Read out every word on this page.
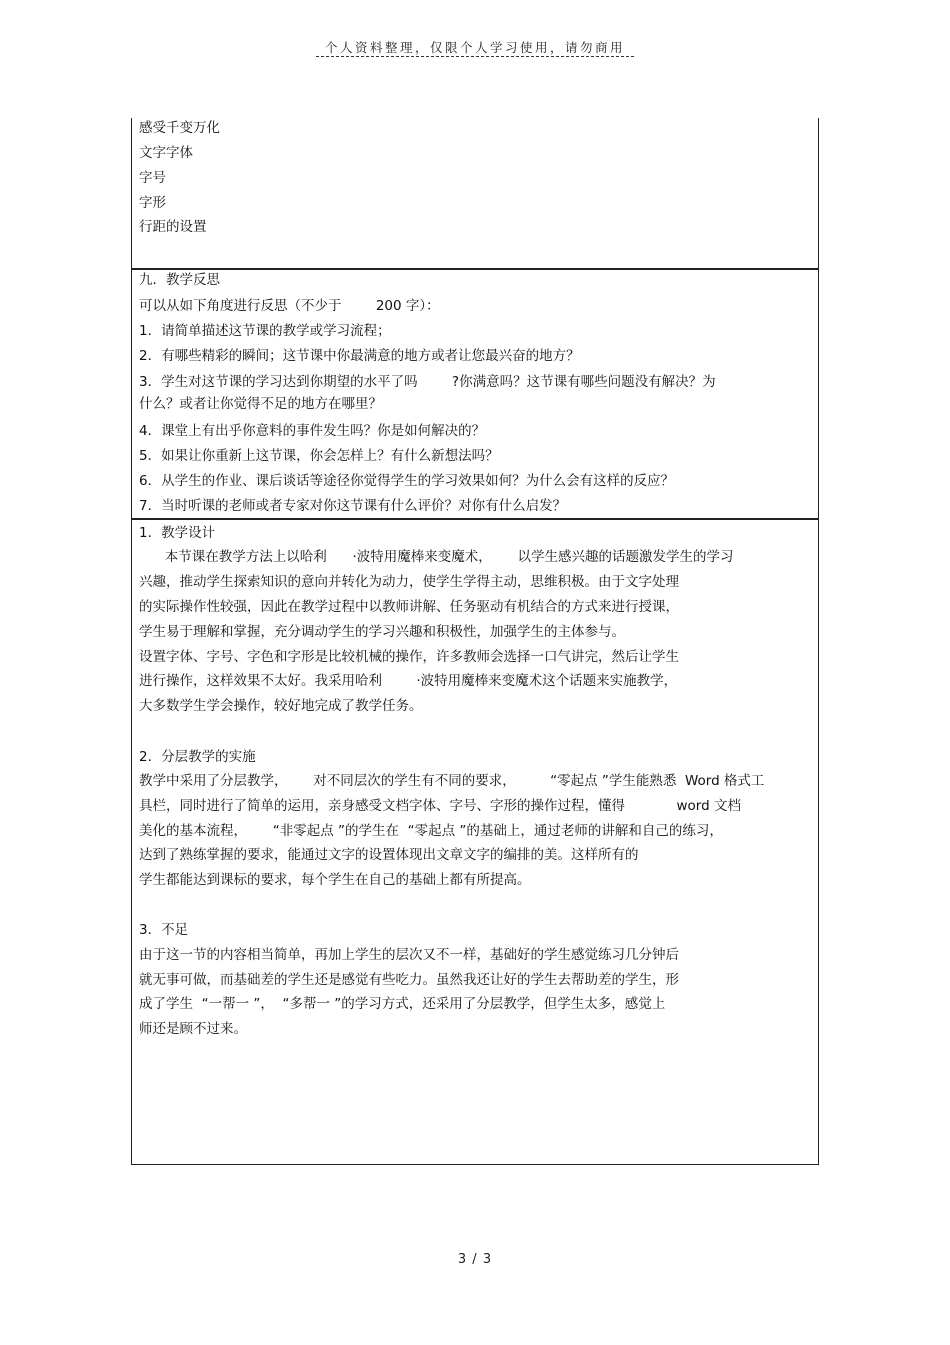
个人资料整理，仅限个人学习使用，请勿商用
感受千变万化
文字字体
字号
字形
行距的设置
九．教学反思
可以从如下角度进行反思（不少于        200 字）：
1．请简单描述这节课的教学或学习流程；
2．有哪些精彩的瞬间；这节课中你最满意的地方或者让您最兴奋的地方？
3．学生对这节课的学习达到你期望的水平了吗        ?你满意吗？这节课有哪些问题没有解决？为
什么？或者让你觉得不足的地方在哪里？
4．课堂上有出乎你意料的事件发生吗？你是如何解决的？
5．如果让你重新上这节课，你会怎样上？有什么新想法吗？
6．从学生的作业、课后谈话等途径你觉得学生的学习效果如何？为什么会有这样的反应？
7．当时听课的老师或者专家对你这节课有什么评价？对你有什么启发？
1．教学设计
本节课在教学方法上以哈利      ·波特用魔棒来变魔术，      以学生感兴趣的话题激发学生的学习
兴趣，推动学生探索知识的意向并转化为动力，使学生学得主动，思维积极。由于文字处理
的实际操作性较强，因此在教学过程中以教师讲解、任务驱动有机结合的方式来进行授课，
学生易于理解和掌握，充分调动学生的学习兴趣和积极性，加强学生的主体参与。
设置字体、字号、字色和字形是比较机械的操作，许多教师会选择一口气讲完，然后让学生
进行操作，这样效果不太好。我采用哈利        ·波特用魔棒来变魔术这个话题来实施教学，
大多数学生学会操作，较好地完成了教学任务。
2．分层教学的实施
教学中采用了分层教学，      对不同层次的学生有不同的要求，        “零起点 ”学生能熟悉  Word 格式工
具栏，同时进行了简单的运用，亲身感受文档字体、字号、字形的操作过程，懂得            word 文档
美化的基本流程，      “非零起点 ”的学生在  “零起点 ”的基础上，通过老师的讲解和自己的练习，
达到了熟练掌握的要求，能通过文字的设置体现出文章文字的编排的美。这样所有的
学生都能达到课标的要求，每个学生在自己的基础上都有所提高。
3．不足
由于这一节的内容相当简单，再加上学生的层次又不一样，基础好的学生感觉练习几分钟后
就无事可做，而基础差的学生还是感觉有些吃力。虽然我还让好的学生去帮助差的学生，形
成了学生  “一帮一 ”，  “多帮一 ”的学习方式，还采用了分层教学，但学生太多，感觉上
师还是顾不过来。
3 / 3
